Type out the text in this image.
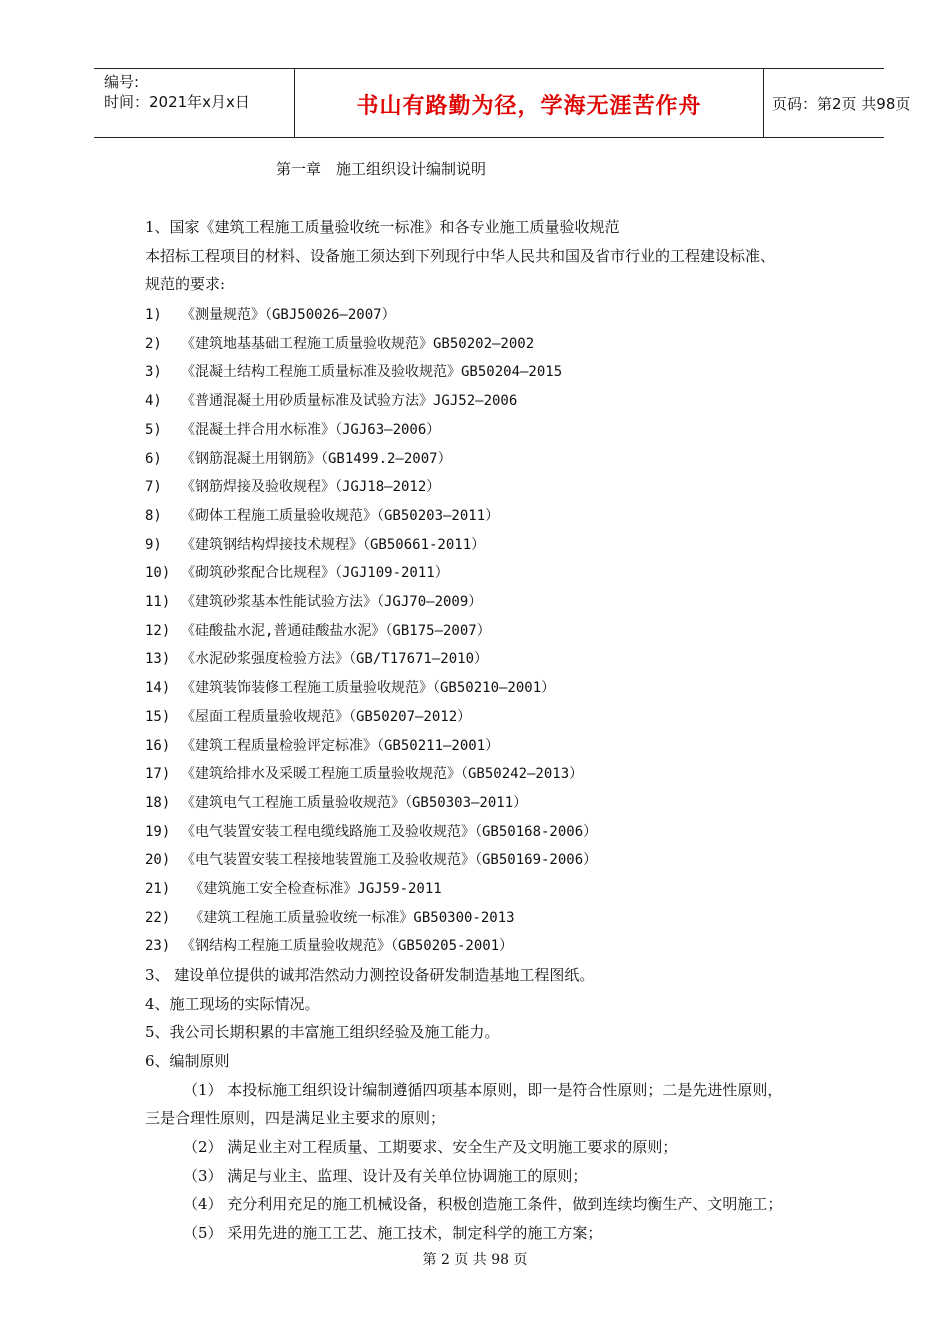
编号:
时间：2021年x月x日	书山有路勤为径，学海无涯苦作舟	页码：第2页 共98页
第一章　施工组织设计编制说明
1、国家《建筑工程施工质量验收统一标准》和各专业施工质量验收规范
本招标工程项目的材料、设备施工须达到下列现行中华人民共和国及省市行业的工程建设标准、
规范的要求:
1) 《测量规范》（GBJ50026—2007）
2) 《建筑地基基础工程施工质量验收规范》GB50202—2002
3) 《混凝土结构工程施工质量标准及验收规范》GB50204—2015
4) 《普通混凝土用砂质量标准及试验方法》JGJ52—2006
5) 《混凝土拌合用水标准》（JGJ63—2006）
6) 《钢筋混凝土用钢筋》（GB1499.2—2007）
7) 《钢筋焊接及验收规程》（JGJ18—2012）
8) 《砌体工程施工质量验收规范》（GB50203—2011）
9) 《建筑钢结构焊接技术规程》（GB50661-2011）
10) 《砌筑砂浆配合比规程》（JGJ109-2011）
11) 《建筑砂浆基本性能试验方法》（JGJ70—2009）
12) 《硅酸盐水泥,普通硅酸盐水泥》（GB175—2007）
13) 《水泥砂浆强度检验方法》（GB/T17671—2010）
14) 《建筑装饰装修工程施工质量验收规范》（GB50210—2001）
15) 《屋面工程质量验收规范》（GB50207—2012）
16) 《建筑工程质量检验评定标准》（GB50211—2001）
17) 《建筑给排水及采暖工程施工质量验收规范》（GB50242—2013）
18) 《建筑电气工程施工质量验收规范》（GB50303—2011）
19) 《电气装置安装工程电缆线路施工及验收规范》（GB50168-2006）
20) 《电气装置安装工程接地装置施工及验收规范》（GB50169-2006）
21) 《建筑施工安全检查标准》JGJ59-2011
22) 《建筑工程施工质量验收统一标准》GB50300-2013
23) 《钢结构工程施工质量验收规范》（GB50205-2001）
3、 建设单位提供的诚邦浩然动力测控设备研发制造基地工程图纸。
4、施工现场的实际情况。
5、我公司长期积累的丰富施工组织经验及施工能力。
6、编制原则
（1） 本投标施工组织设计编制遵循四项基本原则，即一是符合性原则；二是先进性原则，
三是合理性原则，四是满足业主要求的原则；
（2） 满足业主对工程质量、工期要求、安全生产及文明施工要求的原则；
（3） 满足与业主、监理、设计及有关单位协调施工的原则；
（4） 充分利用充足的施工机械设备，积极创造施工条件，做到连续均衡生产、文明施工；
（5） 采用先进的施工工艺、施工技术，制定科学的施工方案；
第 2 页 共 98 页
